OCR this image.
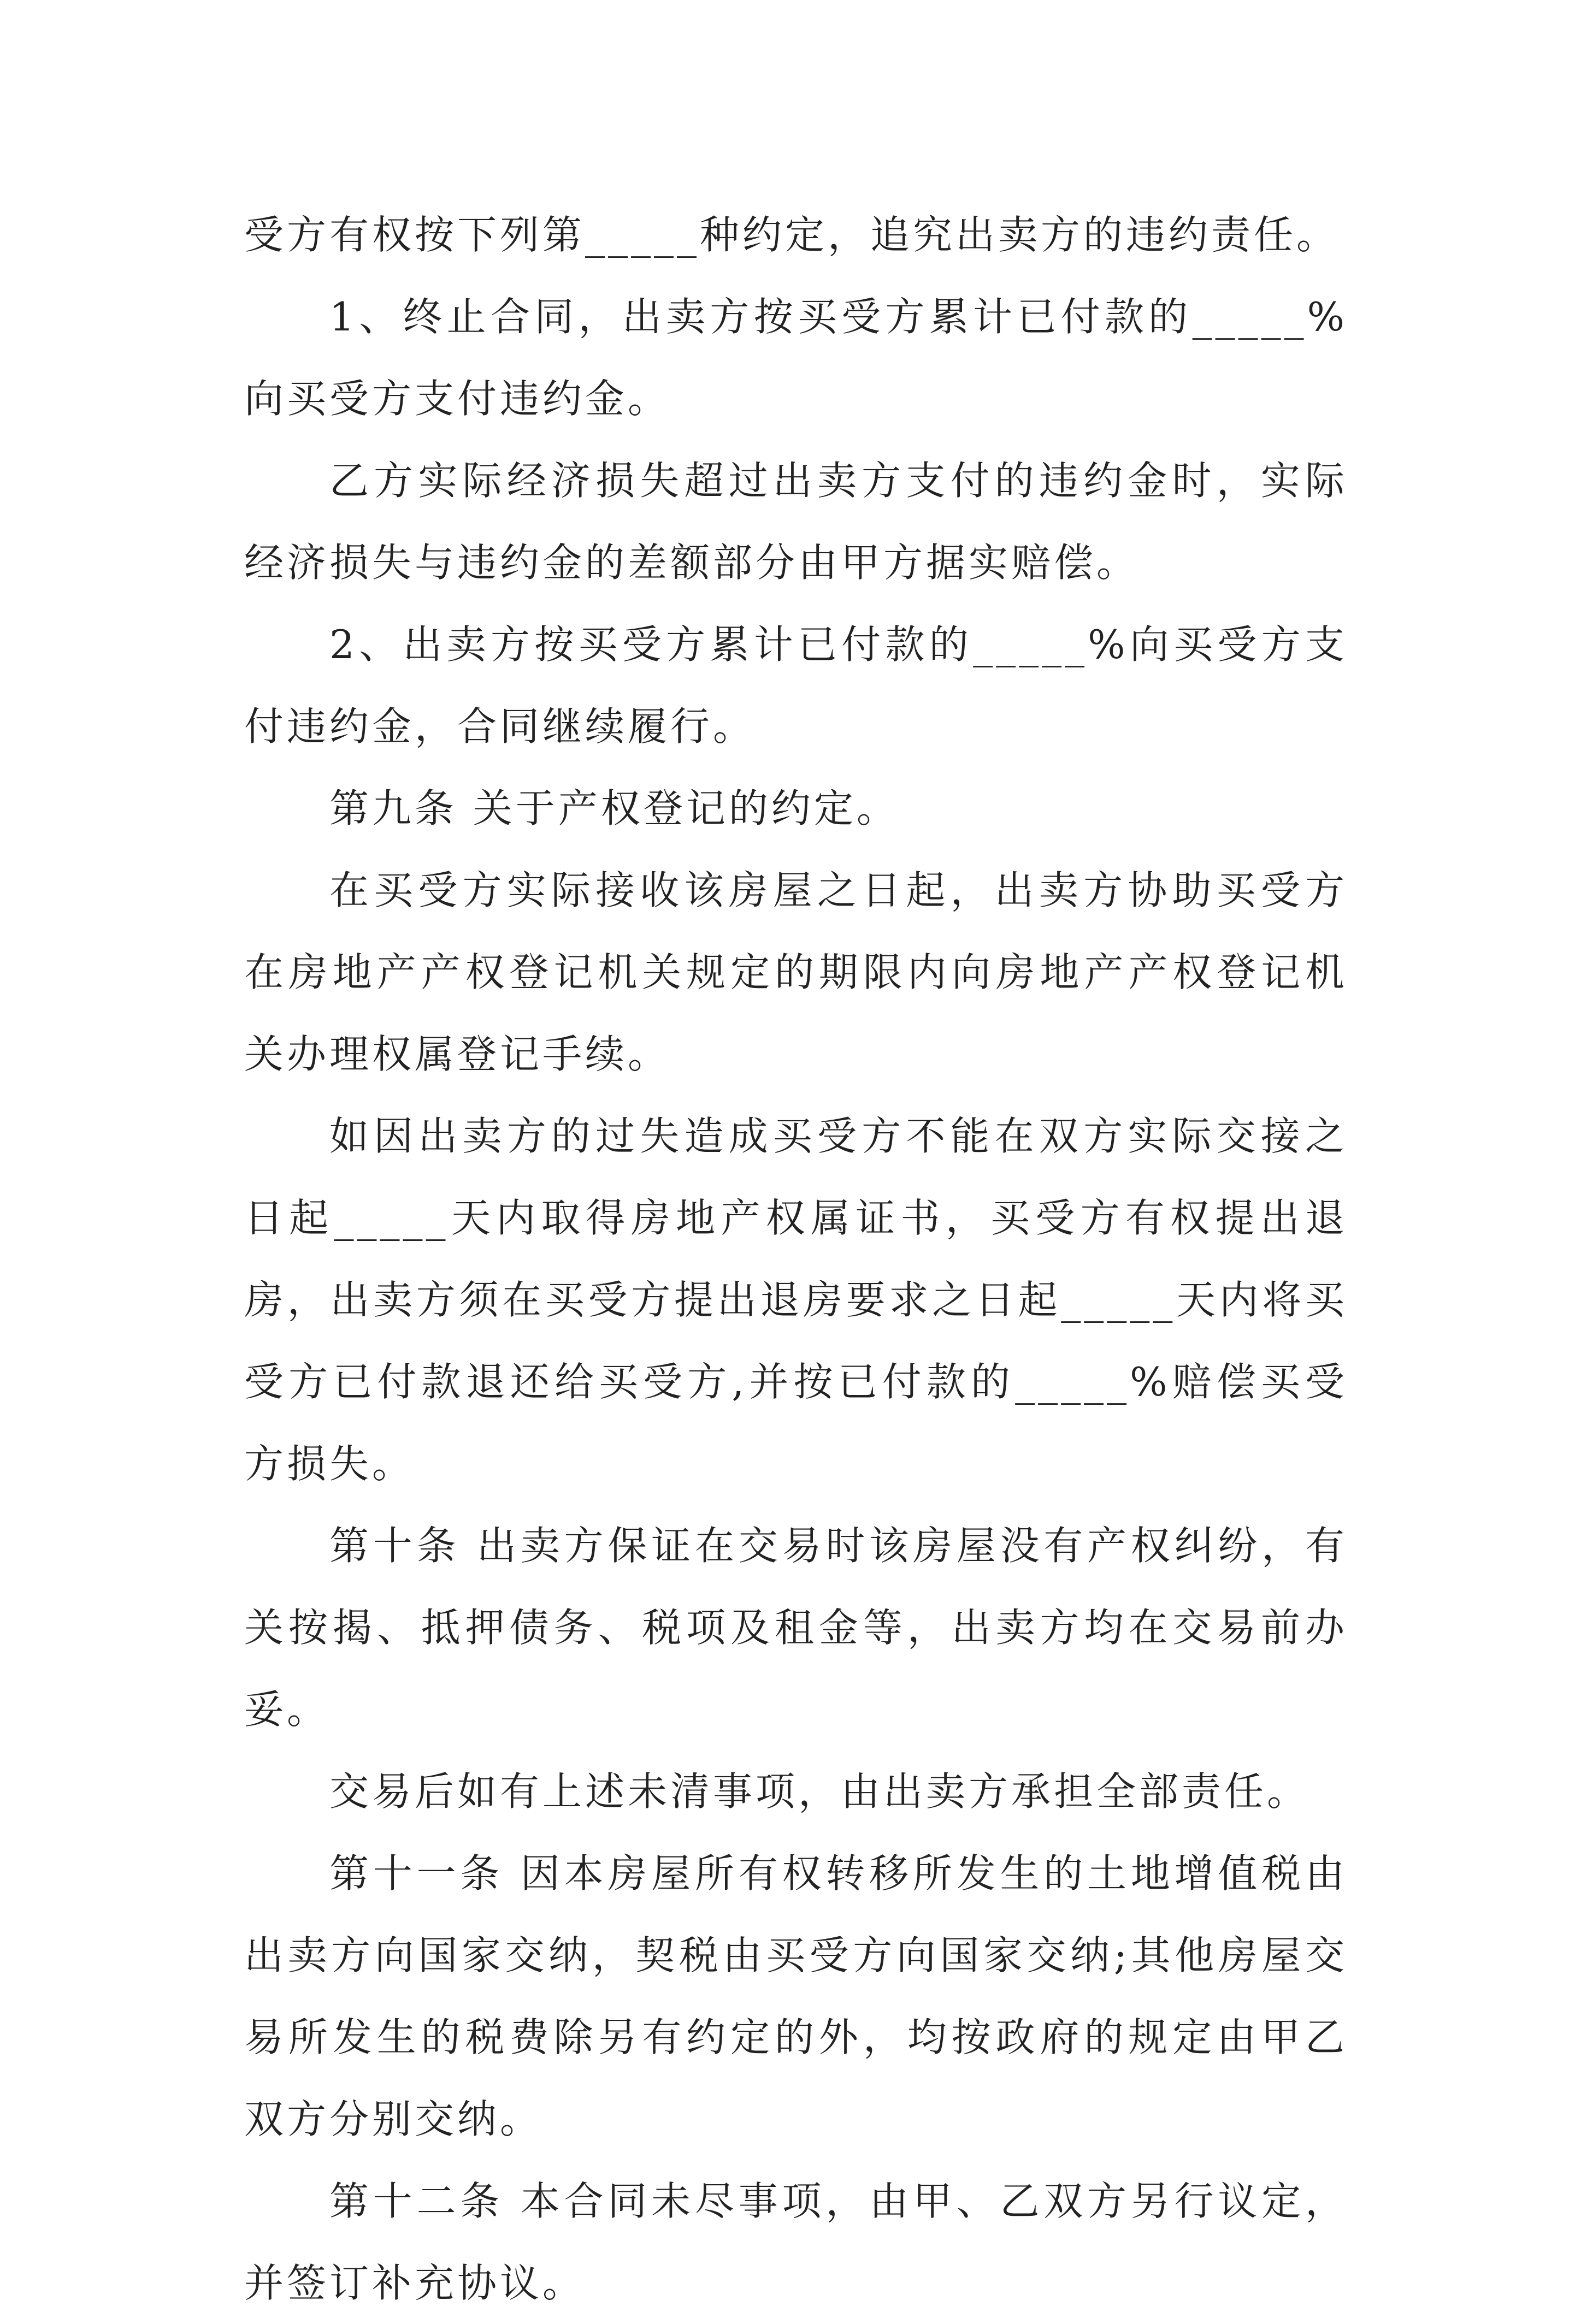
受方有权按下列第_____种约定，追究出卖方的违约责任。

1、终止合同，出卖方按买受方累计已付款的_____%向买受方支付违约金。

乙方实际经济损失超过出卖方支付的违约金时，实际经济损失与违约金的差额部分由甲方据实赔偿。

2、出卖方按买受方累计已付款的_____%向买受方支付违约金，合同继续履行。

第九条 关于产权登记的约定。

在买受方实际接收该房屋之日起，出卖方协助买受方在房地产产权登记机关规定的期限内向房地产产权登记机关办理权属登记手续。

如因出卖方的过失造成买受方不能在双方实际交接之日起_____天内取得房地产权属证书，买受方有权提出退房，出卖方须在买受方提出退房要求之日起_____天内将买受方已付款退还给买受方,并按已付款的_____%赔偿买受方损失。

第十条 出卖方保证在交易时该房屋没有产权纠纷，有关按揭、抵押债务、税项及租金等，出卖方均在交易前办妥。

交易后如有上述未清事项，由出卖方承担全部责任。

第十一条 因本房屋所有权转移所发生的土地增值税由出卖方向国家交纳，契税由买受方向国家交纳;其他房屋交易所发生的税费除另有约定的外，均按政府的规定由甲乙双方分别交纳。

第十二条 本合同未尽事项，由甲、乙双方另行议定，并签订补充协议。
